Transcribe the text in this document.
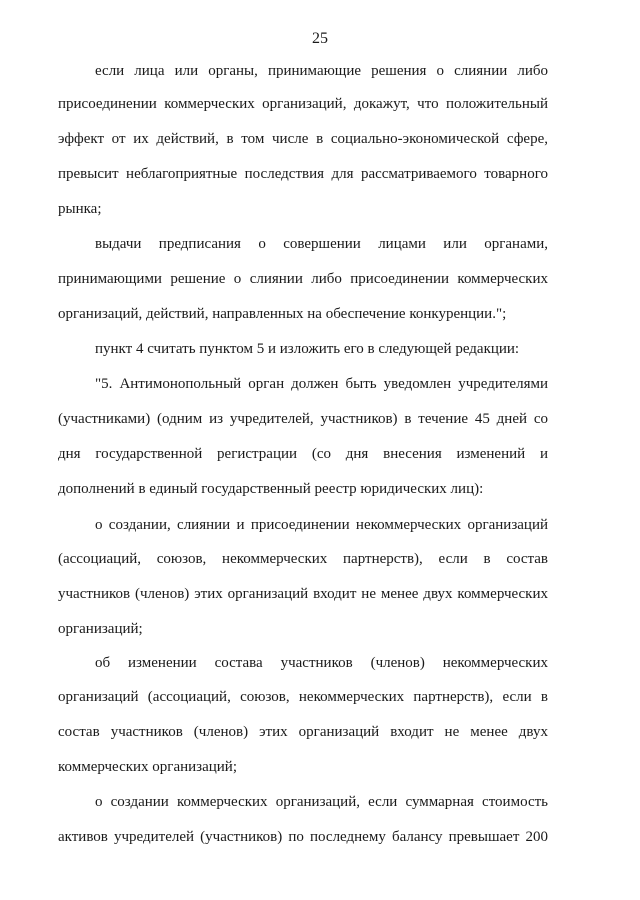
25
если лица или органы, принимающие решения о слиянии либо
присоединении коммерческих организаций, докажут, что положительный
эффект от их действий, в том числе в социально-экономической сфере,
превысит неблагоприятные последствия для рассматриваемого товарного
рынка;
выдачи предписания о совершении лицами или органами,
принимающими решение о слиянии либо присоединении коммерческих
организаций, действий, направленных на обеспечение конкуренции.";
пункт 4 считать пунктом 5 и изложить его в следующей редакции:
"5. Антимонопольный орган должен быть уведомлен учредителями
(участниками) (одним из учредителей, участников) в течение 45 дней со
дня государственной регистрации (со дня внесения изменений и
дополнений в единый государственный реестр юридических лиц):
о создании, слиянии и присоединении некоммерческих организаций
(ассоциаций, союзов, некоммерческих партнерств), если в состав
участников (членов) этих организаций входит не менее двух коммерческих
организаций;
об изменении состава участников (членов) некоммерческих
организаций (ассоциаций, союзов, некоммерческих партнерств), если в
состав участников (членов) этих организаций входит не менее двух
коммерческих организаций;
о создании коммерческих организаций, если суммарная стоимость
активов учредителей (участников) по последнему балансу превышает 200
